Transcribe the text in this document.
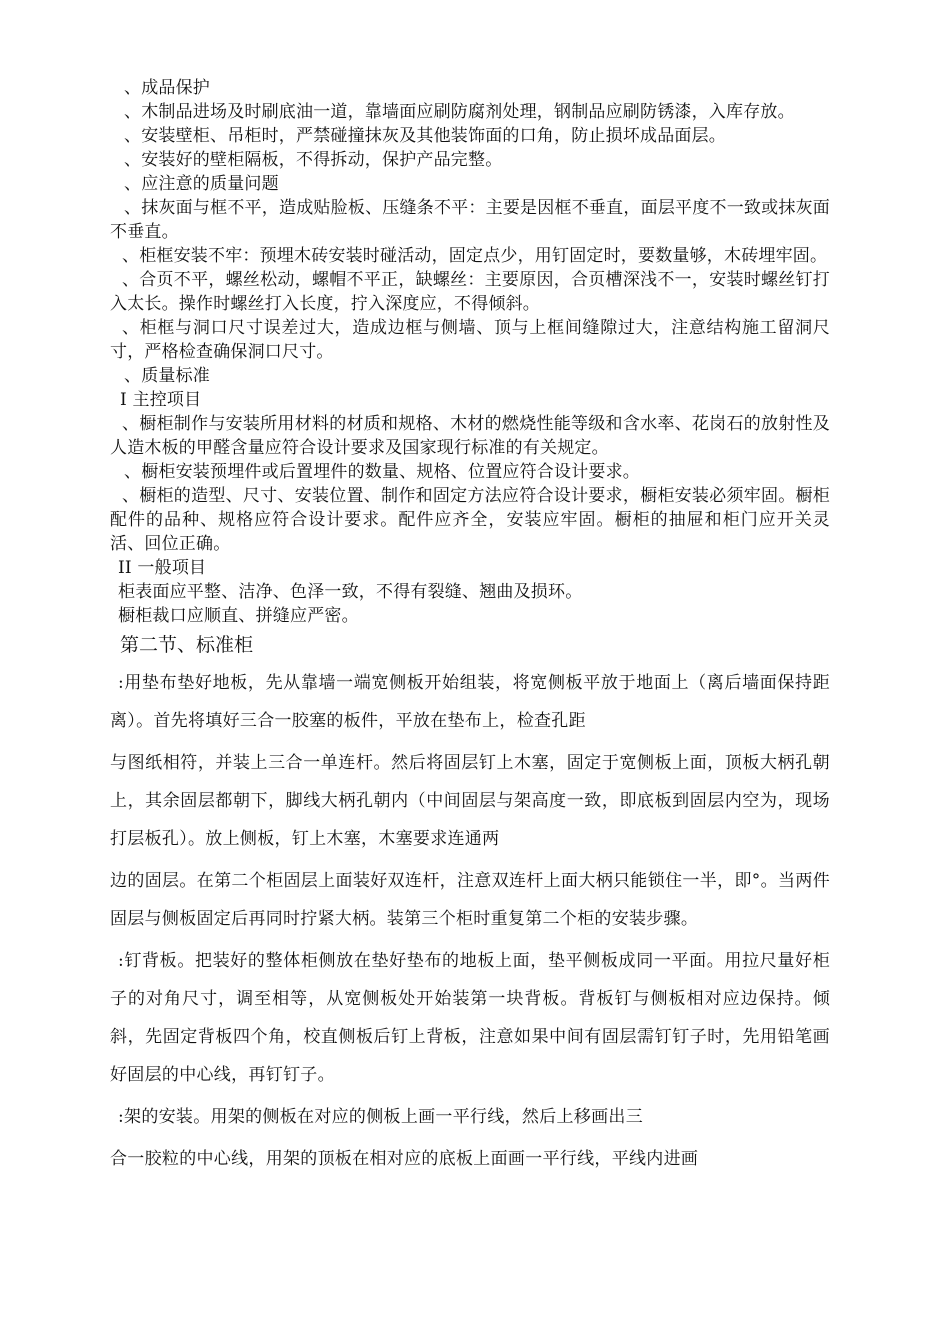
、成品保护

、木制品进场及时刷底油一道，靠墙面应刷防腐剂处理，钢制品应刷防锈漆，入库存放。

、安装壁柜、吊柜时，严禁碰撞抹灰及其他装饰面的口角，防止损坏成品面层。

、安装好的壁柜隔板，不得拆动，保护产品完整。

、应注意的质量问题

、抹灰面与框不平，造成贴脸板、压缝条不平：主要是因框不垂直，面层平度不一致或抹灰面不垂直。

、柜框安装不牢：预埋木砖安装时碰活动，固定点少，用钉固定时，要数量够，木砖埋牢固。

、合页不平，螺丝松动，螺帽不平正，缺螺丝：主要原因，合页槽深浅不一，安装时螺丝钉打入太长。操作时螺丝打入长度，拧入深度应，不得倾斜。

、柜框与洞口尺寸误差过大，造成边框与侧墙、顶与上框间缝隙过大，注意结构施工留洞尺寸，严格检查确保洞口尺寸。

、质量标准

I 主控项目

、橱柜制作与安装所用材料的材质和规格、木材的燃烧性能等级和含水率、花岗石的放射性及人造木板的甲醛含量应符合设计要求及国家现行标准的有关规定。

、橱柜安装预埋件或后置埋件的数量、规格、位置应符合设计要求。

、橱柜的造型、尺寸、安装位置、制作和固定方法应符合设计要求，橱柜安装必须牢固。橱柜配件的品种、规格应符合设计要求。配件应齐全，安装应牢固。橱柜的抽屉和柜门应开关灵活、回位正确。

II 一般项目

柜表面应平整、洁净、色泽一致，不得有裂缝、翘曲及损环。

橱柜裁口应顺直、拼缝应严密。

第二节、标准柜

:用垫布垫好地板，先从靠墙一端宽侧板开始组装，将宽侧板平放于地面上（离后墙面保持距离）。首先将填好三合一胶塞的板件，平放在垫布上，检查孔距

与图纸相符，并装上三合一单连杆。然后将固层钉上木塞，固定于宽侧板上面，顶板大柄孔朝上，其余固层都朝下，脚线大柄孔朝内（中间固层与架高度一致，即底板到固层内空为，现场打层板孔）。放上侧板，钉上木塞，木塞要求连通两

边的固层。在第二个柜固层上面装好双连杆，注意双连杆上面大柄只能锁住一半，即°。当两件固层与侧板固定后再同时拧紧大柄。装第三个柜时重复第二个柜的安装步骤。

:钉背板。把装好的整体柜侧放在垫好垫布的地板上面，垫平侧板成同一平面。用拉尺量好柜子的对角尺寸，调至相等，从宽侧板处开始装第一块背板。背板钉与侧板相对应边保持。倾斜，先固定背板四个角，校直侧板后钉上背板，注意如果中间有固层需钉钉子时，先用铅笔画好固层的中心线，再钉钉子。

:架的安装。用架的侧板在对应的侧板上画一平行线，然后上移画出三

合一胶粒的中心线，用架的顶板在相对应的底板上面画一平行线，平线内进画
